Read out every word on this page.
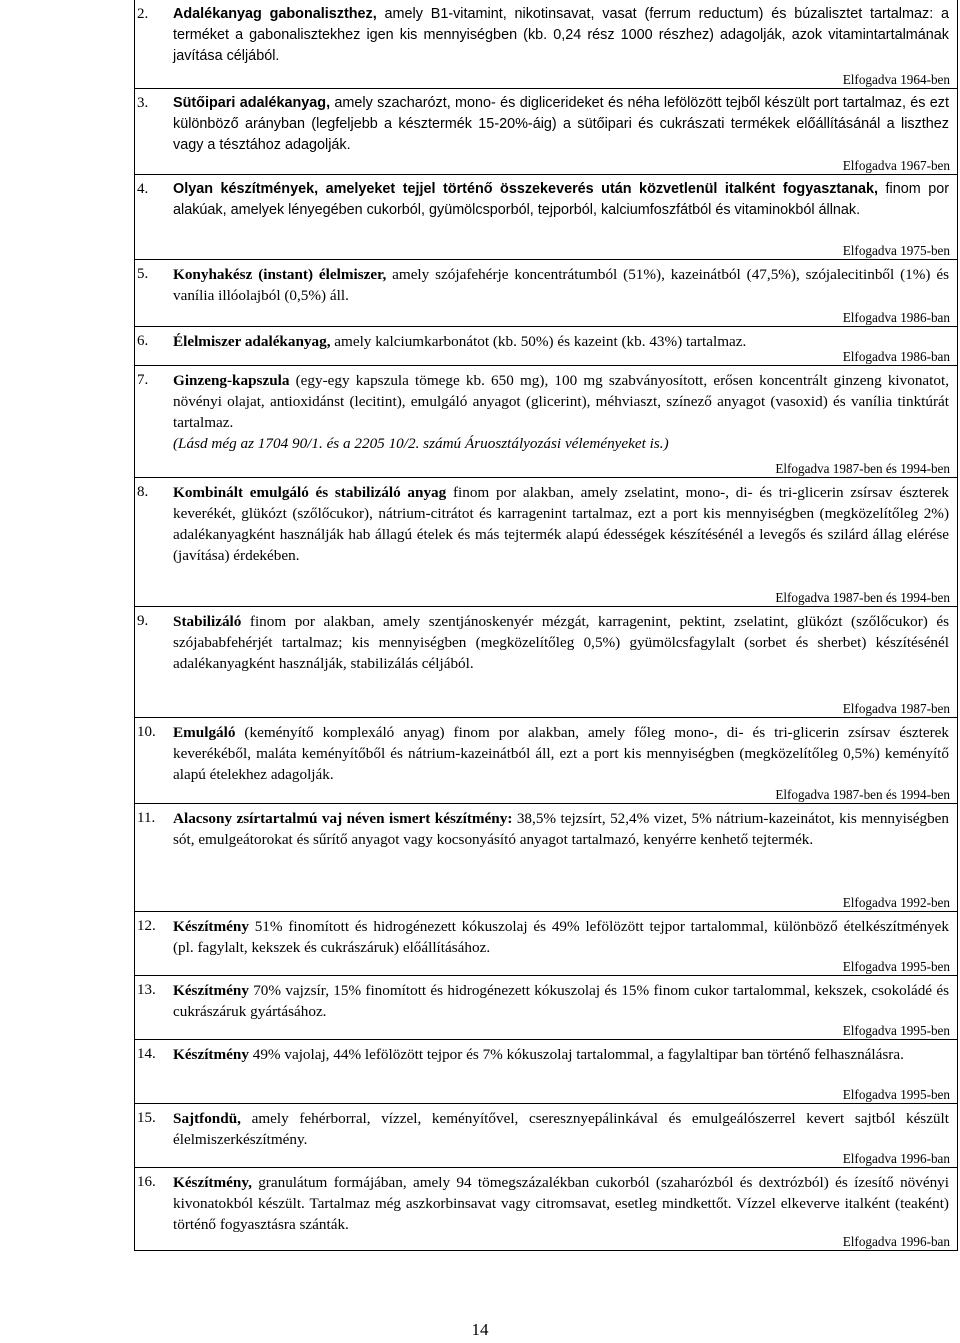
2. Adalékanyag gabonaliszthez, amely B1-vitamint, nikotinsavat, vasat (ferrum reductum) és búzalisztet tartalmaz: a terméket a gabonalisztekhez igen kis mennyiségben (kb. 0,24 rész 1000 részhez) adagolják, azok vitamintartalmának javítása céljából.
Elfogadva 1964-ben
3. Sütőipari adalékanyag, amely szacharózt, mono- és digliceridеket és néha lefölözött tejből készült port tartalmaz, és ezt különböző arányban (legfeljebb a késztermék 15-20%-áig) a sütőipari és cukrászati termékek előállításánál a liszthez vagy a tésztához adagolják.
Elfogadva 1967-ben
4. Olyan készítmények, amelyeket tejjel történő összekeverés után közvetlenül italként fogyasztanak, finom por alakúak, amelyek lényegében cukorból, gyümölcsporból, tejporból, kalciumfoszfátból és vitaminokból állnak.
Elfogadva 1975-ben
5. Konyhakész (instant) élelmiszer, amely szójafehérje koncentrátumból (51%), kazeinátból (47,5%), szójalecitinből (1%) és vanília illóolajból (0,5%) áll.
Elfogadva 1986-ban
6. Élelmiszer adalékanyag, amely kalciumkarbonátot (kb. 50%) és kazeint (kb. 43%) tartalmaz.
Elfogadva 1986-ban
7. Ginzeng-kapszula (egy-egy kapszula tömege kb. 650 mg), 100 mg szabványosított, erősen koncentrált ginzeng kivonatot, növényi olajat, antioxidánst (lecitint), emulgáló anyagot (glicerint), méhviaszt, színező anyagot (vasoxid) és vanília tinktúrát tartalmaz.
(Lásd még az 1704 90/1. és a 2205 10/2. számú Áruosztályozási véleményeket is.)
Elfogadva 1987-ben és 1994-ben
8. Kombinált emulgáló és stabilizáló anyag finom por alakban, amely zselatint, mono-, di- és tri-glicerin zsírsav észterek keverékét, glükózt (szőlőcukor), nátrium-citrátot és karragenint tartalmaz, ezt a port kis mennyiségben (megközelítőleg 2%) adalékanyagként használják hab állagú ételek és más tejtermék alapú édességek készítésénél a levegős és szilárd állag elérése (javítása) érdekében.
Elfogadva 1987-ben és 1994-ben
9. Stabilizáló finom por alakban, amely szentjánoskenyér mézgát, karragenint, pektint, zselatint, glükózt (szőlőcukor) és szójababfehérjét tartalmaz; kis mennyiségben (megközelítőleg 0,5%) gyümölcsfagylalt (sorbet és sherbet) készítésénél adalékanyagként használják, stabilizálás céljából.
Elfogadva 1987-ben
10. Emulgáló (keményítő komplexáló anyag) finom por alakban, amely főleg mono-, di- és tri-glicerin zsírsav észterek keverékéből, maláta keményítőből és nátrium-kazeinátból áll, ezt a port kis mennyiségben (megközelítőleg 0,5%) keményítő alapú ételekhez adagolják.
Elfogadva 1987-ben és 1994-ben
11. Alacsony zsírtartalmú vaj néven ismert készítmény: 38,5% tejzsírt, 52,4% vizet, 5% nátrium-kazeinátot, kis mennyiségben sót, emulgeátorokat és sűrítő anyagot vagy kocsonyásító anyagot tartalmazó, kenyérre kenhető tejtermék.
Elfogadva 1992-ben
12. Készítmény 51% finomított és hidrogénezett kókuszolaj és 49% lefölözött tejpor tartalommal, különböző ételkészítmények (pl. fagylalt, kekszek és cukrászáruk) előállításához.
Elfogadva 1995-ben
13. Készítmény 70% vajzsír, 15% finomított és hidrogénezett kókuszolaj és 15% finom cukor tartalommal, kekszek, csokoládé és cukrászáruk gyártásához.
Elfogadva 1995-ben
14. Készítmény 49% vajolaj, 44% lefölözött tejpor és 7% kókuszolaj tartalommal, a fagylaltipar ban történő felhasználásra.
Elfogadva 1995-ben
15. Sajtfondü, amely fehérborral, vízzel, keményítővel, cseresznyepálinkával és emulgeálószerrel kevert sajtból készült élelmiszerkészítmény.
Elfogadva 1996-ban
16. Készítmény, granulátum formájában, amely 94 tömegszázalékban cukorból (szaharózból és dextrózból) és ízesítő növényi kivonatokból készült. Tartalmaz még aszkorbinsavat vagy citromsavat, esetleg mindkettőt. Vízzel elkeverve italként (teaként) történő fogyasztásra szánták.
Elfogadva 1996-ban
14
